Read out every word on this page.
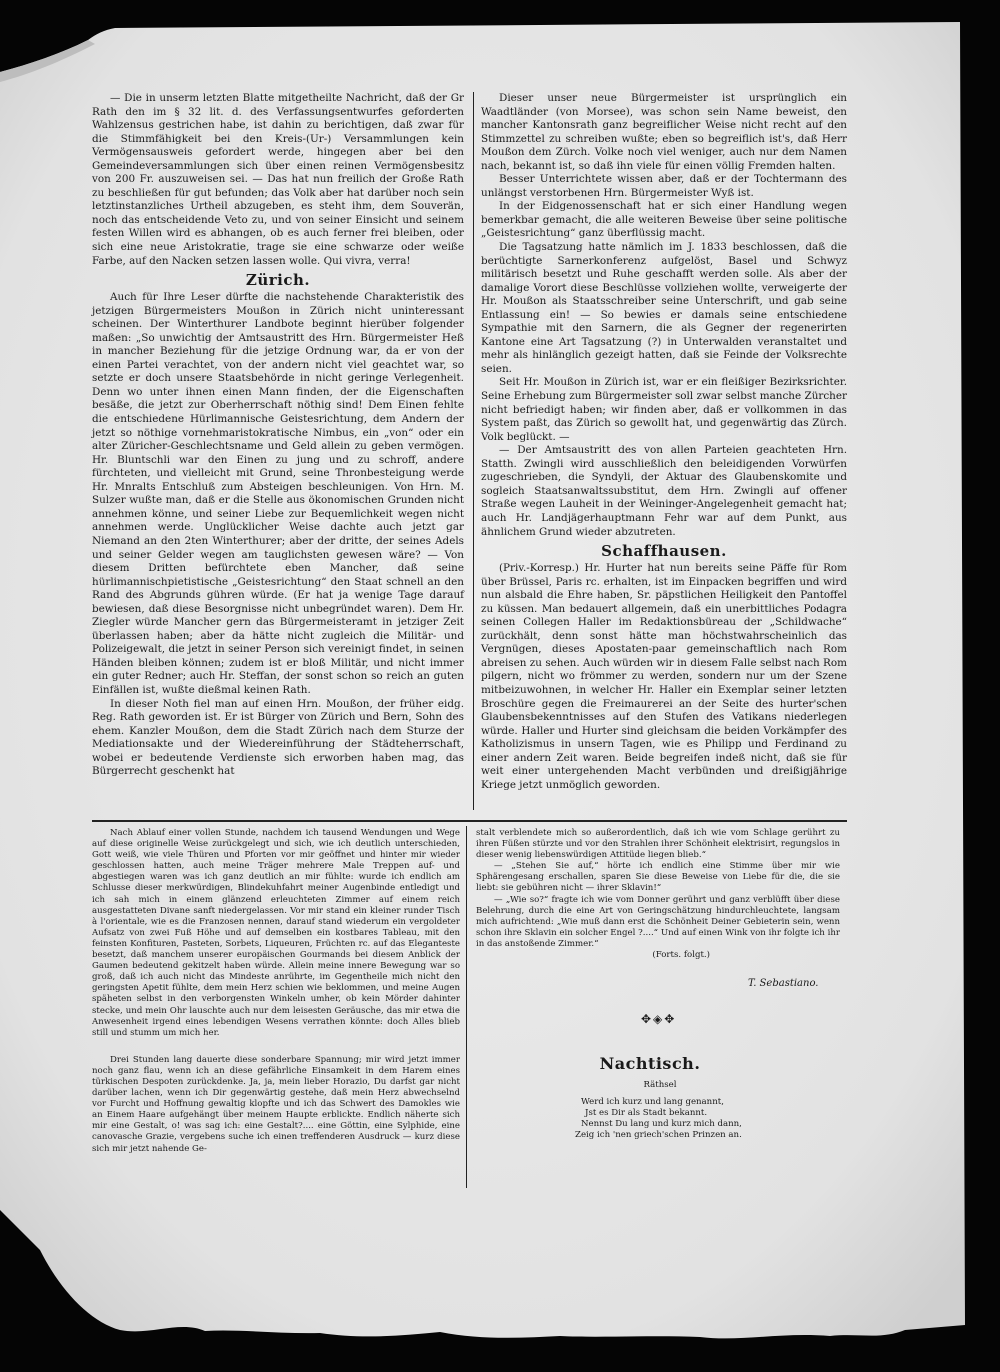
— Die in unserm letzten Blatte mitgetheilte Nachricht, daß der Gr Rath den im § 32 lit. d. des Verfassungsentwurfes geforderten Wahlzensus gestrichen habe, ist dahin zu berichtigen, daß zwar für die Stimmfähigkeit bei den Kreis-(Ur-) Versammlungen kein Vermögensausweis gefordert werde, hingegen aber bei den Gemeindeversammlungen sich über einen reinen Vermögensbesitz von 200 Fr. auszuweisen sei. — Das hat nun freilich der Große Rath zu beschließen für gut befunden; das Volk aber hat darüber noch sein letztinstanzliches Urtheil abzugeben, es steht ihm, dem Souverän, noch das entscheidende Veto zu, und von seiner Einsicht und seinem festen Willen wird es abhangen, ob es auch ferner frei bleiben, oder sich eine neue Aristokratie, trage sie eine schwarze oder weiße Farbe, auf den Nacken setzen lassen wolle. Qui vivra, verra!

Zürich.

Auch für Ihre Leser dürfte die nachstehende Charakteristik des jetzigen Bürgermeisters Moußon in Zürich nicht uninteressant scheinen. Der Winterthurer Landbote beginnt hierüber folgender maßen: „So unwichtig der Amtsaustritt des Hrn. Bürgermeister Heß in mancher Beziehung für die jetzige Ordnung war, da er von der einen Partei verachtet, von der andern nicht viel geachtet war, so setzte er doch unsere Staatsbehörde in nicht geringe Verlegenheit. Denn wo unter ihnen einen Mann finden, der die Eigenschaften besäße, die jetzt zur Oberherrschaft nöthig sind! Dem Einen fehlte die entschiedene Hürlimannische Geistesrichtung, dem Andern der jetzt so nöthige vornehmaristokratische Nimbus, ein „von“ oder ein alter Züricher-Geschlechtsname und Geld allein zu geben vermögen. Hr. Bluntschli war den Einen zu jung und zu schroff, andere fürchteten, und vielleicht mit Grund, seine Thronbesteigung werde Hr. Mnralts Entschluß zum Absteigen beschleunigen. Von Hrn. M. Sulzer wußte man, daß er die Stelle aus ökonomischen Grunden nicht annehmen könne, und seiner Liebe zur Bequemlichkeit wegen nicht annehmen werde. Unglücklicher Weise dachte auch jetzt gar Niemand an den 2ten Winterthurer; aber der dritte, der seines Adels und seiner Gelder wegen am tauglichsten gewesen wäre? — Von diesem Dritten befürchtete eben Mancher, daß seine hürlimannischpietistische „Geistesrichtung“ den Staat schnell an den Rand des Abgrunds gühren würde. (Er hat ja wenige Tage darauf bewiesen, daß diese Besorgnisse nicht unbegründet waren). Dem Hr. Ziegler würde Mancher gern das Bürgermeisteramt in jetziger Zeit überlassen haben; aber da hätte nicht zugleich die Militär- und Polizeigewalt, die jetzt in seiner Person sich vereinigt findet, in seinen Händen bleiben können; zudem ist er bloß Militär, und nicht immer ein guter Redner; auch Hr. Steffan, der sonst schon so reich an guten Einfällen ist, wußte dießmal keinen Rath.

In dieser Noth fiel man auf einen Hrn. Moußon, der früher eidg. Reg. Rath geworden ist. Er ist Bürger von Zürich und Bern, Sohn des ehem. Kanzler Moußon, dem die Stadt Zürich nach dem Sturze der Mediationsakte und der Wiedereinführung der Städteherrschaft, wobei er bedeutende Verdienste sich erworben haben mag, das Bürgerrecht geschenkt hat

Dieser unser neue Bürgermeister ist ursprünglich ein Waadtländer (von Morsee), was schon sein Name beweist, den mancher Kantonsrath ganz begreiflicher Weise nicht recht auf den Stimmzettel zu schreiben wußte; eben so begreiflich ist's, daß Herr Moußon dem Zürch. Volke noch viel weniger, auch nur dem Namen nach, bekannt ist, so daß ihn viele für einen völlig Fremden halten.

Besser Unterrichtete wissen aber, daß er der Tochtermann des unlängst verstorbenen Hrn. Bürgermeister Wyß ist.

In der Eidgenossenschaft hat er sich einer Handlung wegen bemerkbar gemacht, die alle weiteren Beweise über seine politische „Geistesrichtung“ ganz überflüssig macht.

Die Tagsatzung hatte nämlich im J. 1833 beschlossen, daß die berüchtigte Sarnerkonferenz aufgelöst, Basel und Schwyz militärisch besetzt und Ruhe geschafft werden solle. Als aber der damalige Vorort diese Beschlüsse vollziehen wollte, verweigerte der Hr. Moußon als Staatsschreiber seine Unterschrift, und gab seine Entlassung ein! — So bewies er damals seine entschiedene Sympathie mit den Sarnern, die als Gegner der regenerirten Kantone eine Art Tagsatzung (?) in Unterwalden veranstaltet und mehr als hinlänglich gezeigt hatten, daß sie Feinde der Volksrechte seien.

Seit Hr. Moußon in Zürich ist, war er ein fleißiger Bezirksrichter. Seine Erhebung zum Bürgermeister soll zwar selbst manche Zürcher nicht befriedigt haben; wir finden aber, daß er vollkommen in das System paßt, das Zürich so gewollt hat, und gegenwärtig das Zürch. Volk beglückt. —

— Der Amtsaustritt des von allen Parteien geachteten Hrn. Statth. Zwingli wird ausschließlich den beleidigenden Vorwürfen zugeschrieben, die Syndyli, der Aktuar des Glaubenskomite und sogleich Staatsanwaltssubstitut, dem Hrn. Zwingli auf offener Straße wegen Lauheit in der Weininger-Angelegenheit gemacht hat; auch Hr. Landjägerhauptmann Fehr war auf dem Punkt, aus ähnlichem Grund wieder abzutreten.

Schaffhausen.

(Priv.-Korresp.) Hr. Hurter hat nun bereits seine Päffe für Rom über Brüssel, Paris rc. erhalten, ist im Einpacken begriffen und wird nun alsbald die Ehre haben, Sr. päpstlichen Heiligkeit den Pantoffel zu küssen. Man bedauert allgemein, daß ein unerbittliches Podagra seinen Collegen Haller im Redaktionsbüreau der „Schildwache“ zurückhält, denn sonst hätte man höchstwahrscheinlich das Vergnügen, dieses Apostaten-paar gemeinschaftlich nach Rom abreisen zu sehen. Auch würden wir in diesem Falle selbst nach Rom pilgern, nicht wo frömmer zu werden, sondern nur um der Szene mitbeizuwohnen, in welcher Hr. Haller ein Exemplar seiner letzten Broschüre gegen die Freimaurerei an der Seite des hurter'schen Glaubensbekenntnisses auf den Stufen des Vatikans niederlegen würde. Haller und Hurter sind gleichsam die beiden Vorkämpfer des Katholizismus in unsern Tagen, wie es Philipp und Ferdinand zu einer andern Zeit waren. Beide begreifen indeß nicht, daß sie für weit einer untergehenden Macht verbünden und dreißigjährige Kriege jetzt unmöglich geworden.

Nach Ablauf einer vollen Stunde, nachdem ich tausend Wendungen und Wege auf diese originelle Weise zurückgelegt und sich, wie ich deutlich unterschieden, Gott weiß, wie viele Thüren und Pforten vor mir geöffnet und hinter mir wieder geschlossen hatten, auch meine Träger mehrere Male Treppen auf- und abgestiegen waren was ich ganz deutlich an mir fühlte: wurde ich endlich am Schlusse dieser merkwürdigen, Blindekuhfahrt meiner Augenbinde entledigt und ich sah mich in einem glänzend erleuchteten Zimmer auf einem reich ausgestatteten Divane sanft niedergelassen. Vor mir stand ein kleiner runder Tisch à l'orientale, wie es die Franzosen nennen, darauf stand wiederum ein vergoldeter Aufsatz von zwei Fuß Höhe und auf demselben ein kostbares Tableau, mit den feinsten Konfituren, Pasteten, Sorbets, Liqueuren, Früchten rc. auf das Eleganteste besetzt, daß manchem unserer europäischen Gourmands bei diesem Anblick der Gaumen bedeutend gekitzelt haben würde. Allein meine innere Bewegung war so groß, daß ich auch nicht das Mindeste anrührte, im Gegentheile mich nicht den geringsten Apetit fühlte, dem mein Herz schien wie beklommen, und meine Augen späheten selbst in den verborgensten Winkeln umher, ob kein Mörder dahinter stecke, und mein Ohr lauschte auch nur dem leisesten Geräusche, das mir etwa die Anwesenheit irgend eines lebendigen Wesens verrathen könnte: doch Alles blieb still und stumm um mich her.

Drei Stunden lang dauerte diese sonderbare Spannung; mir wird jetzt immer noch ganz flau, wenn ich an diese gefährliche Einsamkeit in dem Harem eines türkischen Despoten zurückdenke. Ja, ja, mein lieber Horazio, Du darfst gar nicht darüber lachen, wenn ich Dir gegenwärtig gestehe, daß mein Herz abwechselnd vor Furcht und Hoffnung gewaltig klopfte und ich das Schwert des Damokles wie an Einem Haare aufgehängt über meinem Haupte erblickte. Endlich näherte sich mir eine Gestalt, o! was sag ich: eine Gestalt?.... eine Göttin, eine Sylphide, eine canovasche Grazie, vergebens suche ich einen treffenderen Ausdruck — kurz diese sich mir jetzt nahende Ge-

stalt verblendete mich so außerordentlich, daß ich wie vom Schlage gerührt zu ihren Füßen stürzte und vor den Strahlen ihrer Schönheit elektrisirt, regungslos in dieser wenig liebenswürdigen Attitüde liegen blieb.“

— „Stehen Sie auf,“ hörte ich endlich eine Stimme über mir wie Sphärengesang erschallen, sparen Sie diese Beweise von Liebe für die, die sie liebt: sie gebühren nicht — ihrer Sklavin!“

— „Wie so?“ fragte ich wie vom Donner gerührt und ganz verblüfft über diese Belehrung, durch die eine Art von Geringschätzung hindurchleuchtete, langsam mich aufrichtend: „Wie muß dann erst die Schönheit Deiner Gebieterin sein, wenn schon ihre Sklavin ein solcher Engel ?....“ Und auf einen Wink von ihr folgte ich ihr in das anstoßende Zimmer.“

(Forts. folgt.)
T. Sebastiano.
✥◈✥
Nachtisch.
Räthsel
Werd ich kurz und lang genannt,
Jst es Dir als Stadt bekannt.
Nennst Du lang und kurz mich dann,
Zeig ich 'nen griech'schen Prinzen an.
